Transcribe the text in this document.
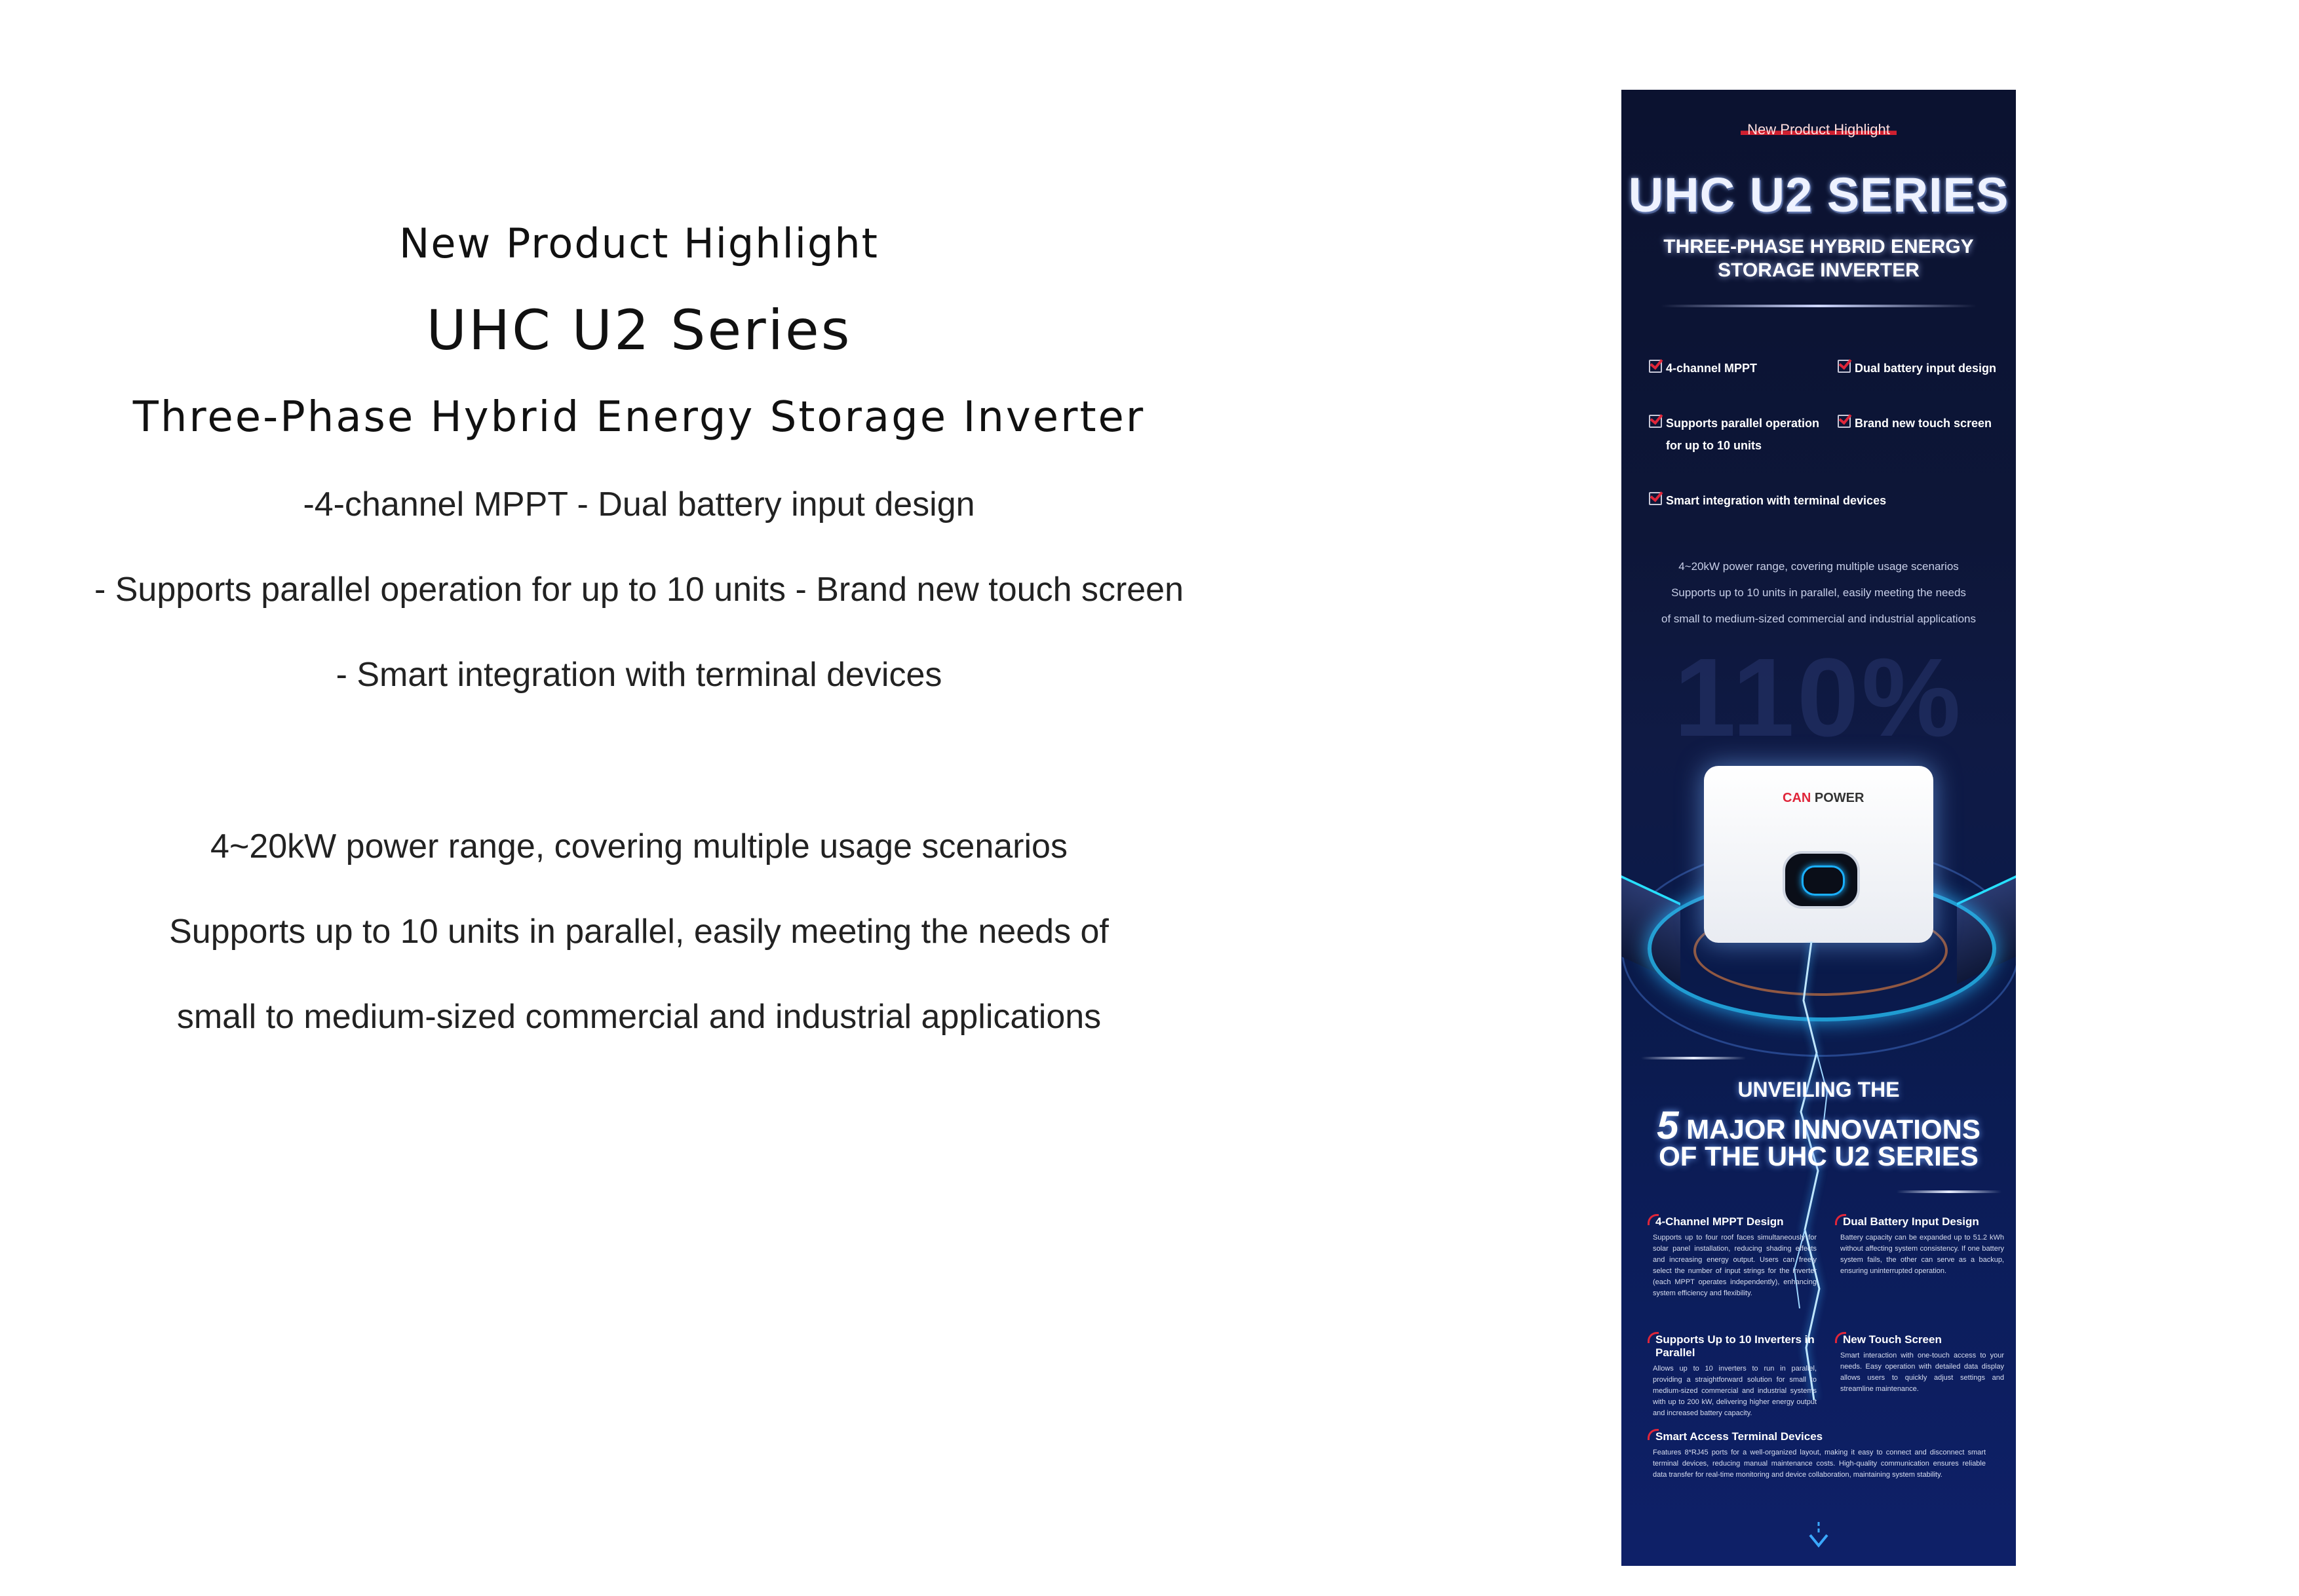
New Product Highlight
UHC U2 Series
Three-Phase Hybrid Energy Storage Inverter
-4-channel MPPT - Dual battery input design
- Supports parallel operation for up to 10 units - Brand new touch screen
- Smart integration with terminal devices
4~20kW power range, covering multiple usage scenarios
Supports up to 10 units in parallel, easily meeting the needs of
small to medium-sized commercial and industrial applications
New Product Highlight
UHC U2 SERIES
THREE-PHASE HYBRID ENERGY
STORAGE INVERTER
4-channel MPPT	Dual battery input design
Supports parallel operation for up to 10 units
Brand new touch screen
Smart integration with terminal devices
4~20kW power range, covering multiple usage scenarios
Supports up to 10 units in parallel, easily meeting the needs
of small to medium-sized commercial and industrial applications
110%
CAN POWER
UNVEILING THE
5 MAJOR INNOVATIONS
OF THE UHC U2 SERIES
4-Channel MPPT Design
Supports up to four roof faces simultaneously for solar panel installation, reducing shading effects and increasing energy output. Users can freely select the number of input strings for the inverter (each MPPT operates independently), enhancing system efficiency and flexibility.
Dual Battery Input Design
Battery capacity can be expanded up to 51.2 kWh without affecting system consistency. If one battery system fails, the other can serve as a backup, ensuring uninterrupted operation.
Supports Up to 10 Inverters in Parallel
Allows up to 10 inverters to run in parallel, providing a straightforward solution for small to medium-sized commercial and industrial systems with up to 200 kW, delivering higher energy output and increased battery capacity.
New Touch Screen
Smart interaction with one-touch access to your needs. Easy operation with detailed data display allows users to quickly adjust settings and streamline maintenance.
Smart Access Terminal Devices
Features 8*RJ45 ports for a well-organized layout, making it easy to connect and disconnect smart terminal devices, reducing manual maintenance costs. High-quality communication ensures reliable data transfer for real-time monitoring and device collaboration, maintaining system stability.
